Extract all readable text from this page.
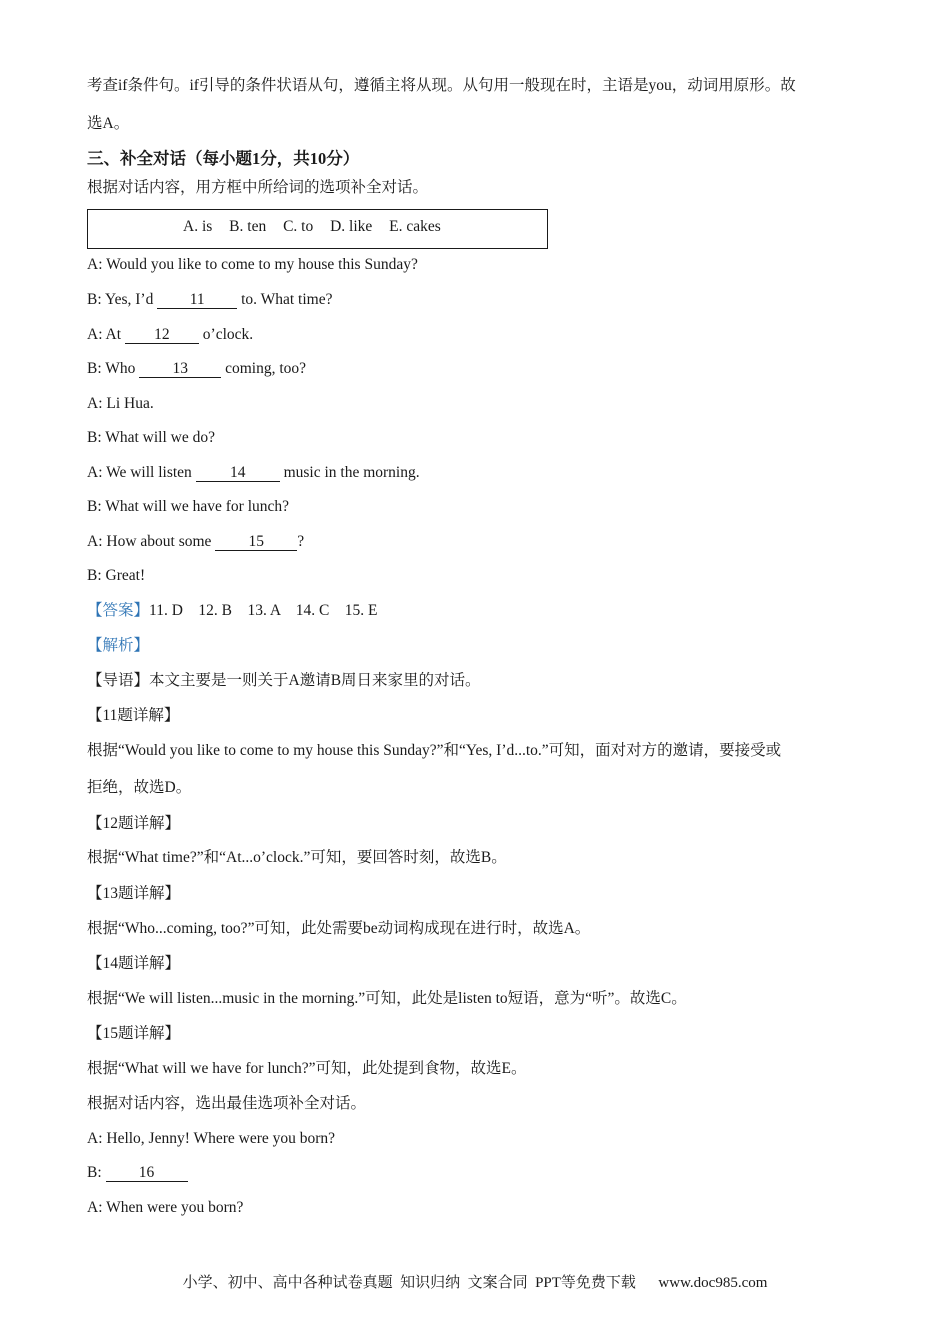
考查if条件句。if引导的条件状语从句，遵循主将从现。从句用一般现在时，主语是you，动词用原形。故
选A。
三、补全对话（每小题1分，共10分）
根据对话内容，用方框中所给词的选项补全对话。
A. is B. ten C. to D. like E. cakes
A: Would you like to come to my house this Sunday?
B: Yes, I’d 11 to. What time?
A: At 12 o’clock.
B: Who 13 coming, too?
A: Li Hua.
B: What will we do?
A: We will listen 14 music in the morning.
B: What will we have for lunch?
A: How about some 15 ?
B: Great!
【答案】11. D    12. B    13. A    14. C    15. E
【解析】
【导语】本文主要是一则关于A邀请B周日来家里的对话。
【11题详解】
根据“Would you like to come to my house this Sunday?”和“Yes, I’d...to.”可知，面对对方的邀请，要接受或
拒绝，故选D。
【12题详解】
根据“What time?”和“At...o’clock.”可知，要回答时刻，故选B。
【13题详解】
根据“Who...coming, too?”可知，此处需要be动词构成现在进行时，故选A。
【14题详解】
根据“We will listen...music in the morning.”可知，此处是listen to短语，意为“听”。故选C。
【15题详解】
根据“What will we have for lunch?”可知，此处提到食物，故选E。
根据对话内容，选出最佳选项补全对话。
A: Hello, Jenny! Where were you born?
B: 16
A: When were you born?
小学、初中、高中各种试卷真题  知识归纳  文案合同  PPT等免费下载      www.doc985.com
